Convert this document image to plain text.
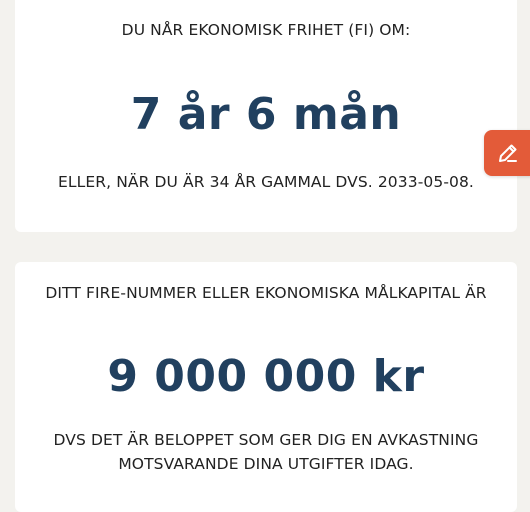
DU NÅR EKONOMISK FRIHET (FI) OM:
7 år 6 mån
ELLER, NÄR DU ÄR 34 ÅR GAMMAL DVS. 2033-05-08.
DITT FIRE-NUMMER ELLER EKONOMISKA MÅLKAPITAL ÄR
9 000 000 kr
DVS DET ÄR BELOPPET SOM GER DIG EN AVKASTNING
MOTSVARANDE DINA UTGIFTER IDAG.
